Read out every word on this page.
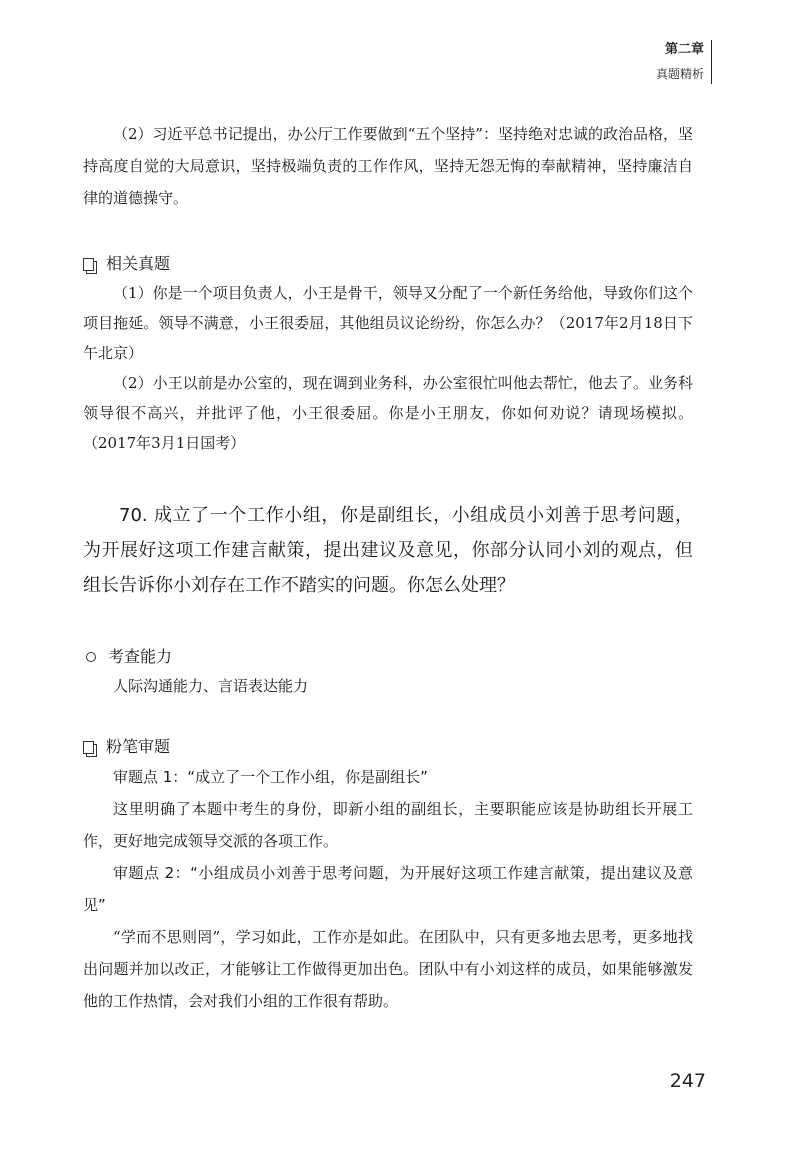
第二章
真题精析

（2）习近平总书记提出，办公厅工作要做到“五个坚持”：坚持绝对忠诚的政治品格，坚持高度自觉的大局意识，坚持极端负责的工作作风，坚持无怨无悔的奉献精神，坚持廉洁自律的道德操守。

相关真题

（1）你是一个项目负责人，小王是骨干，领导又分配了一个新任务给他，导致你们这个项目拖延。领导不满意，小王很委屈，其他组员议论纷纷，你怎么办？（2017年2月18日下午北京）

（2）小王以前是办公室的，现在调到业务科，办公室很忙叫他去帮忙，他去了。业务科领导很不高兴，并批评了他，小王很委屈。你是小王朋友，你如何劝说？请现场模拟。（2017年3月1日国考）

70. 成立了一个工作小组，你是副组长，小组成员小刘善于思考问题，为开展好这项工作建言献策，提出建议及意见，你部分认同小刘的观点，但组长告诉你小刘存在工作不踏实的问题。你怎么处理？

考查能力

人际沟通能力、言语表达能力

粉笔审题

审题点 1：“成立了一个工作小组，你是副组长”

这里明确了本题中考生的身份，即新小组的副组长，主要职能应该是协助组长开展工作，更好地完成领导交派的各项工作。

审题点 2：“小组成员小刘善于思考问题，为开展好这项工作建言献策，提出建议及意见”

“学而不思则罔”，学习如此，工作亦是如此。在团队中，只有更多地去思考，更多地找出问题并加以改正，才能够让工作做得更加出色。团队中有小刘这样的成员，如果能够激发他的工作热情，会对我们小组的工作很有帮助。

247
